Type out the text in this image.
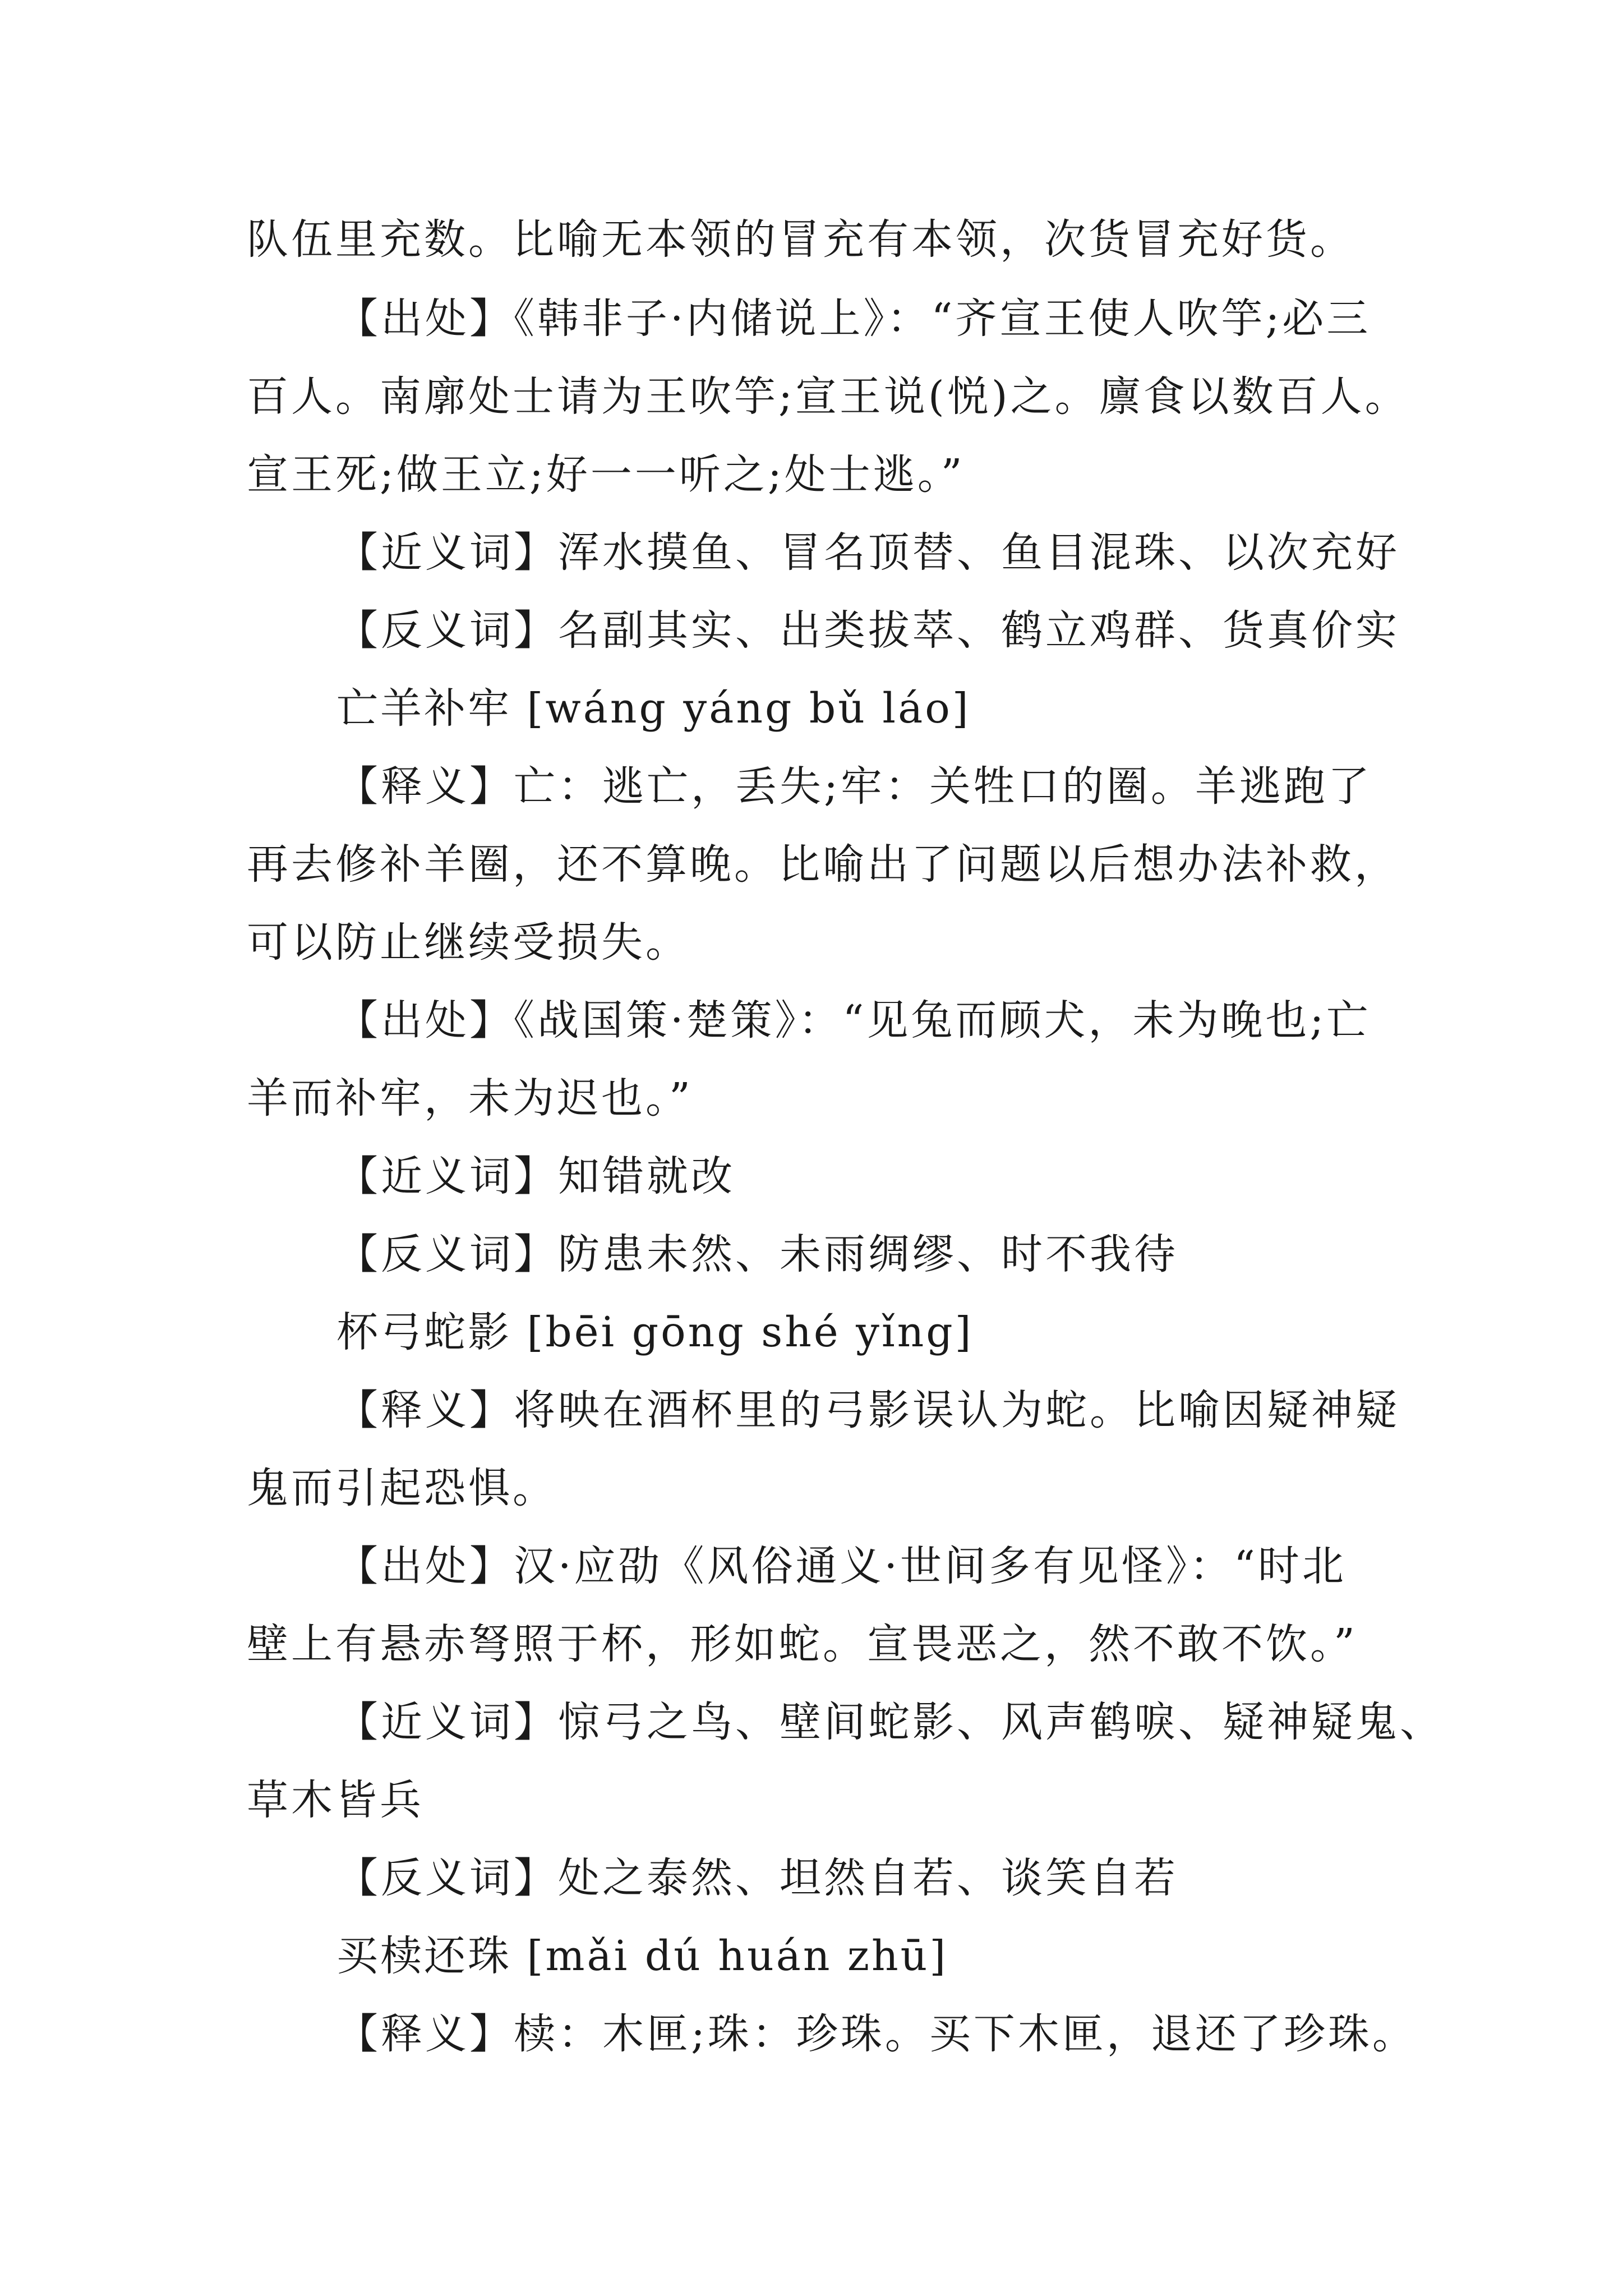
队伍里充数。比喻无本领的冒充有本领，次货冒充好货。
【出处】《韩非子·内储说上》：“齐宣王使人吹竽;必三
百人。南廓处士请为王吹竽;宣王说(悦)之。廪食以数百人。
宣王死;做王立;好一一听之;处士逃。”
【近义词】浑水摸鱼、冒名顶替、鱼目混珠、以次充好
【反义词】名副其实、出类拔萃、鹤立鸡群、货真价实
亡羊补牢 [wáng yáng bǔ láo]
【释义】亡：逃亡，丢失;牢：关牲口的圈。羊逃跑了
再去修补羊圈，还不算晚。比喻出了问题以后想办法补救，
可以防止继续受损失。
【出处】《战国策·楚策》：“见兔而顾犬，未为晚也;亡
羊而补牢，未为迟也。”
【近义词】知错就改
【反义词】防患未然、未雨绸缪、时不我待
杯弓蛇影 [bēi gōng shé yǐng]
【释义】将映在酒杯里的弓影误认为蛇。比喻因疑神疑
鬼而引起恐惧。
【出处】汉·应劭《风俗通义·世间多有见怪》：“时北
壁上有悬赤弩照于杯，形如蛇。宣畏恶之，然不敢不饮。”
【近义词】惊弓之鸟、壁间蛇影、风声鹤唳、疑神疑鬼、
草木皆兵
【反义词】处之泰然、坦然自若、谈笑自若
买椟还珠 [mǎi dú huán zhū]
【释义】椟：木匣;珠：珍珠。买下木匣，退还了珍珠。
